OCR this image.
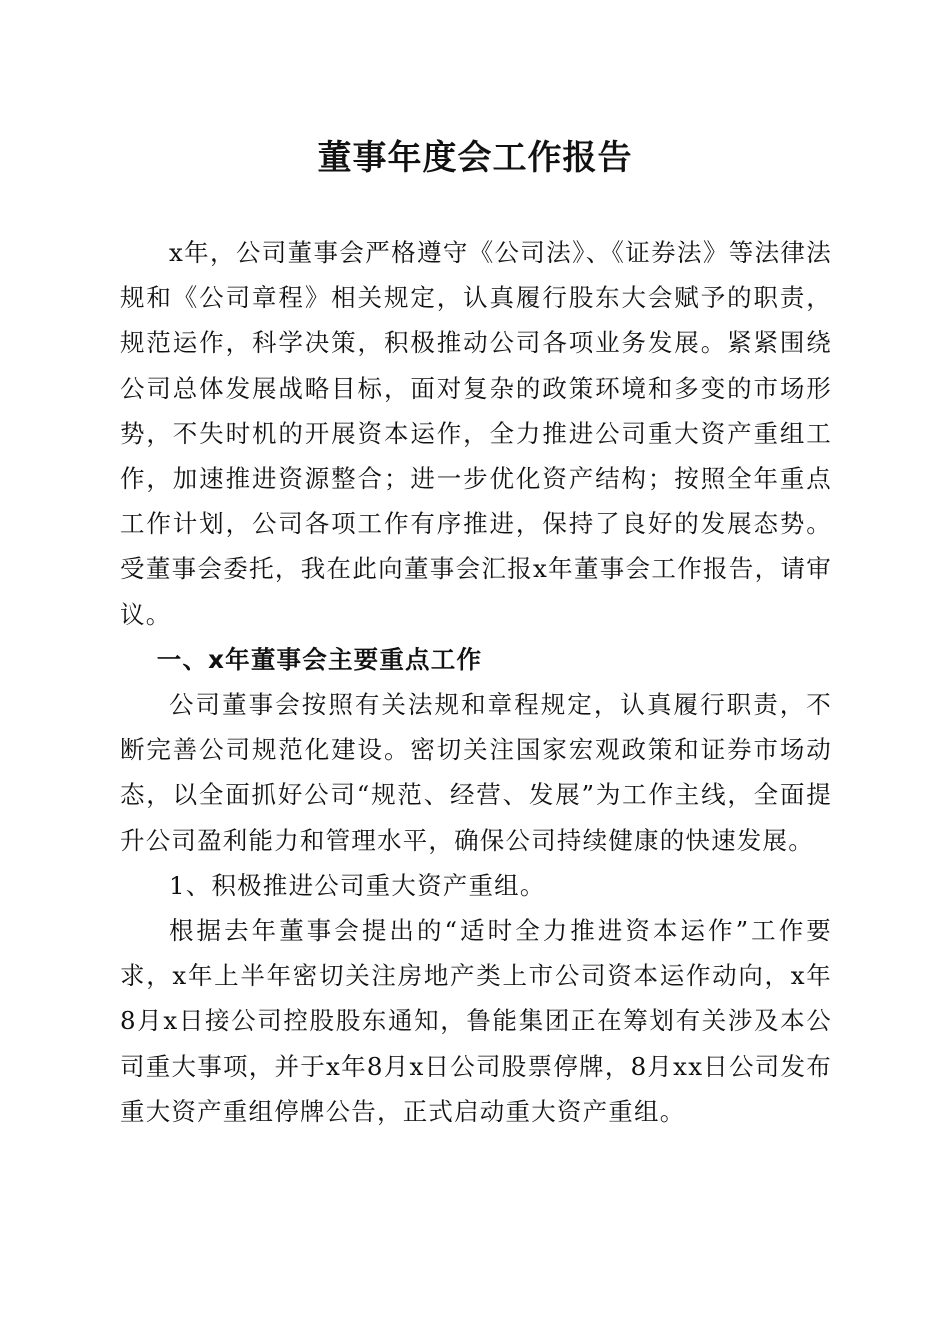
董事年度会工作报告

x年，公司董事会严格遵守《公司法》、《证券法》等法律法规和《公司章程》相关规定，认真履行股东大会赋予的职责，规范运作，科学决策，积极推动公司各项业务发展。紧紧围绕公司总体发展战略目标，面对复杂的政策环境和多变的市场形势，不失时机的开展资本运作，全力推进公司重大资产重组工作，加速推进资源整合；进一步优化资产结构；按照全年重点工作计划，公司各项工作有序推进，保持了良好的发展态势。受董事会委托，我在此向董事会汇报x年董事会工作报告，请审议。

一、x年董事会主要重点工作

公司董事会按照有关法规和章程规定，认真履行职责，不断完善公司规范化建设。密切关注国家宏观政策和证券市场动态，以全面抓好公司“规范、经营、发展”为工作主线，全面提升公司盈利能力和管理水平，确保公司持续健康的快速发展。

1、积极推进公司重大资产重组。

根据去年董事会提出的“适时全力推进资本运作”工作要求，x年上半年密切关注房地产类上市公司资本运作动向，x年8月x日接公司控股股东通知，鲁能集团正在筹划有关涉及本公司重大事项，并于x年8月x日公司股票停牌，8月xx日公司发布重大资产重组停牌公告，正式启动重大资产重组。
